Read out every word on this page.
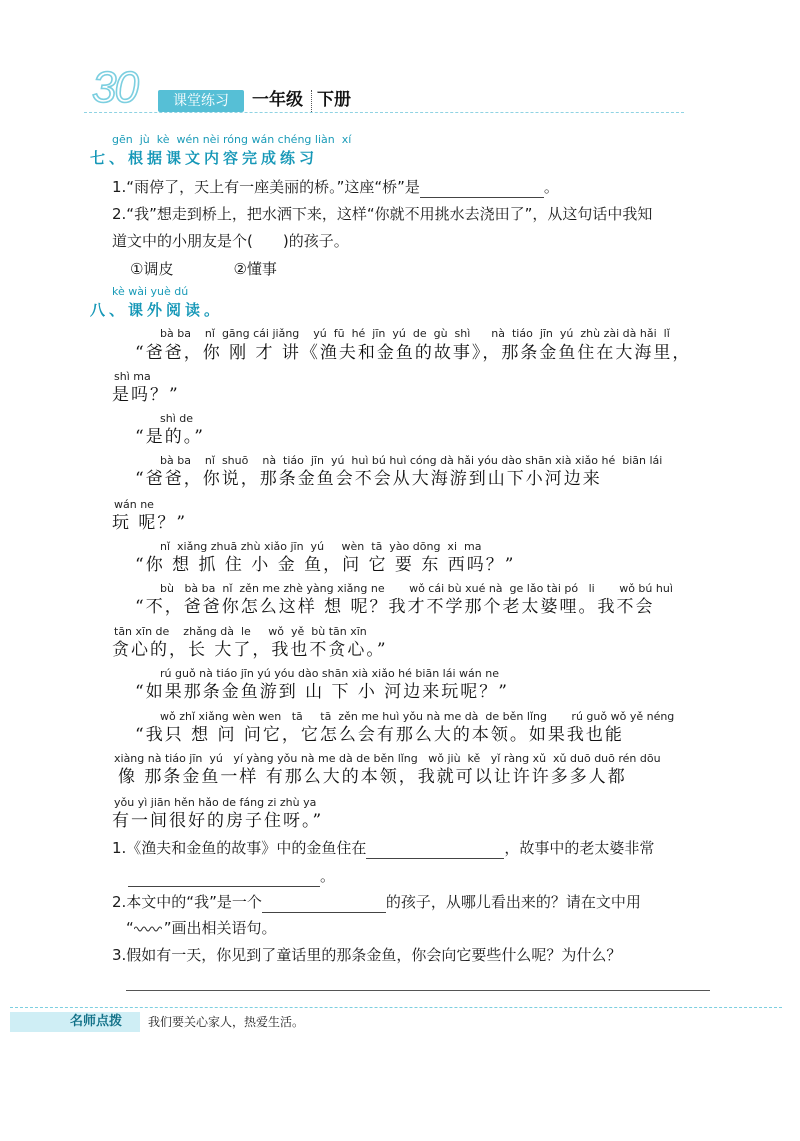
30	课堂练习	一年级 下册
gēn  jù  kè  wén nèi róng wán chéng liàn  xí
七、根据课文内容完成练习
1.“雨停了，天上有一座美丽的桥。”这座“桥”是	。
2.“我”想走到桥上，把水洒下来，这样“你就不用挑水去浇田了”，从这句话中我知
道文中的小朋友是个(　　)的孩子。
①调皮　　　　②懂事
kè wài yuè dú
八、课外阅读。
bà ba    nǐ  gāng cái jiǎng    yú  fū  hé  jīn  yú  de  gù  shì      nà  tiáo  jīn  yú  zhù zài dà hǎi  lǐ
“爸爸，你 刚 才 讲《渔夫和金鱼的故事》，那条金鱼住在大海里，
shì ma
是吗？”
shì de
“是的。”
bà ba    nǐ  shuō    nà  tiáo  jīn  yú  huì bú huì cóng dà hǎi yóu dào shān xià xiǎo hé  biān lái
“爸爸，你说，那条金鱼会不会从大海游到山下小河边来
wán ne
玩 呢？”
nǐ  xiǎng zhuā zhù xiǎo jīn  yú     wèn  tā  yào dōng  xi  ma
“你 想 抓 住 小 金 鱼，问 它 要 东 西吗？”
bù   bà ba  nǐ  zěn me zhè yàng xiǎng ne       wǒ cái bù xué nà  ge lǎo tài pó   li       wǒ bú huì
“不，爸爸你怎么这样 想 呢？我才不学那个老太婆哩。我不会
tān xīn de    zhǎng dà  le     wǒ  yě  bù tān xīn
贪心的，长 大了，我也不贪心。”
rú guǒ nà tiáo jīn yú yóu dào shān xià xiǎo hé biān lái wán ne
“如果那条金鱼游到 山 下 小 河边来玩呢？”
wǒ zhǐ xiǎng wèn wen   tā     tā  zěn me huì yǒu nà me dà  de běn lǐng       rú guǒ wǒ yě néng
“我只 想 问 问它，它怎么会有那么大的本领。如果我也能
xiàng nà tiáo jīn  yú   yí yàng yǒu nà me dà de běn lǐng   wǒ jiù  kě   yǐ ràng xǔ  xǔ duō duō rén dōu
像 那条金鱼一样 有那么大的本领，我就可以让许许多多人都
yǒu yì jiān hěn hǎo de fáng zi zhù ya
有一间很好的房子住呀。”
1.《渔夫和金鱼的故事》中的金鱼住在	，故事中的老太婆非常
。
2.本文中的“我”是一个	的孩子，从哪儿看出来的？请在文中用
“ ”画出相关语句。
3.假如有一天，你见到了童话里的那条金鱼，你会向它要些什么呢？为什么？
名师点拨 我们要关心家人，热爱生活。
